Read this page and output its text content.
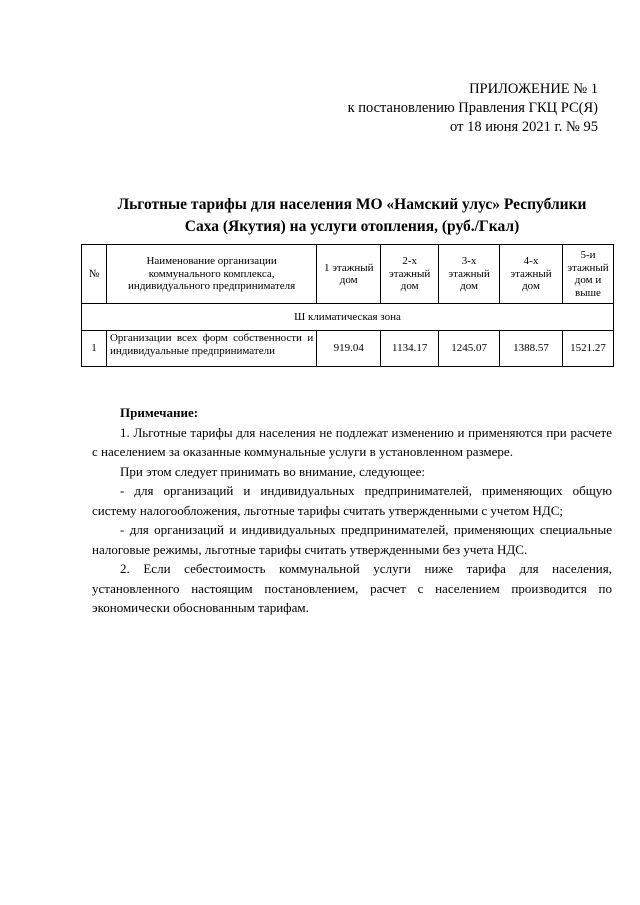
ПРИЛОЖЕНИЕ № 1
к постановлению Правления ГКЦ РС(Я)
от 18 июня 2021 г. № 95
Льготные тарифы для населения МО «Намский улус» Республики
Саха (Якутия) на услуги отопления, (руб./Гкал)
№	Наименование организации коммунального комплекса, индивидуального предпринимателя	1 этажный дом	2-х этажный дом	3-х этажный дом	4-х этажный дом	5-и этажный дом и выше
Ш климатическая зона						
1	Организации всех форм собственности и индивидуальные предприниматели	919.04	1134.17	1245.07	1388.57	1521.27

Примечание:

1. Льготные тарифы для населения не подлежат изменению и применяются при расчете с населением за оказанные коммунальные услуги в установленном размере.

При этом следует принимать во внимание, следующее:

- для организаций и индивидуальных предпринимателей, применяющих общую систему налогообложения, льготные тарифы считать утвержденными с учетом НДС;

- для организаций и индивидуальных предпринимателей, применяющих специальные налоговые режимы, льготные тарифы считать утвержденными без учета НДС.

2. Если себестоимость коммунальной услуги ниже тарифа для населения, установленного настоящим постановлением, расчет с населением производится по экономически обоснованным тарифам.
